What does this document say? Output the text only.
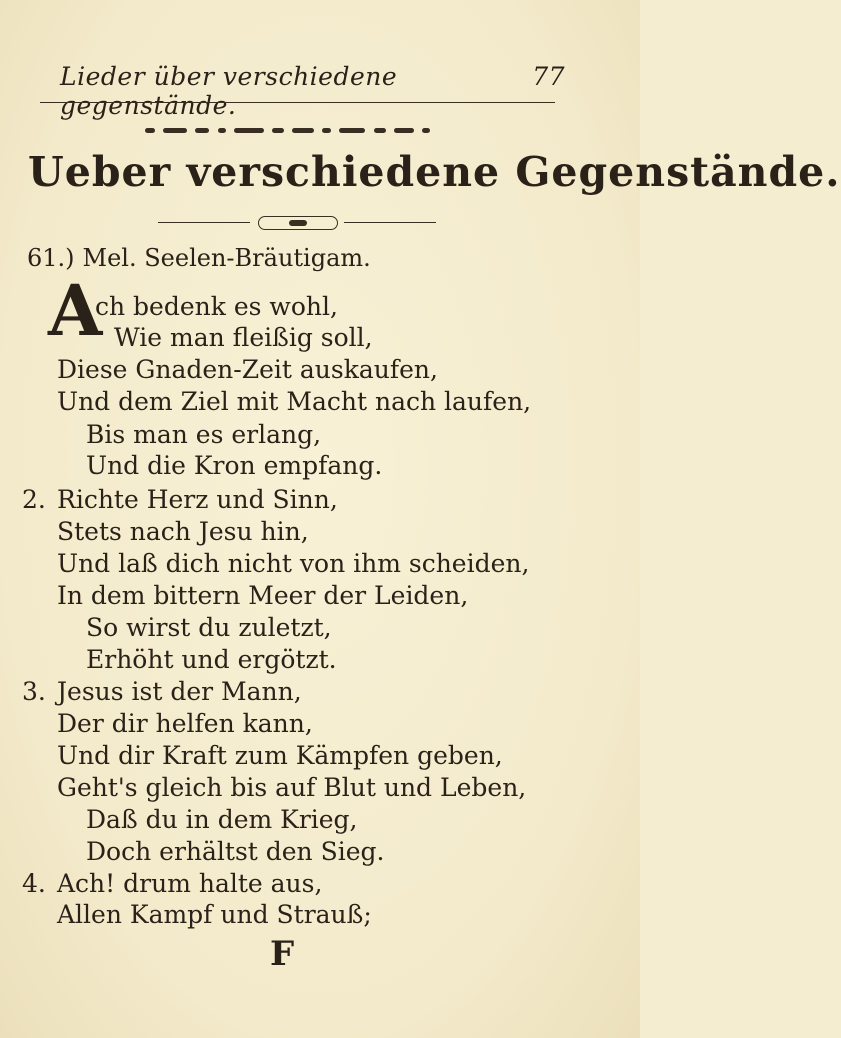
Lieder über verschiedene gegenstände.
77
Ueber verschiedene Gegenstände.
61.) Mel. Seelen-Bräutigam.
A
ch bedenk es wohl,
Wie man fleißig soll,
Diese Gnaden-Zeit auskaufen,
Und dem Ziel mit Macht nach laufen,
Bis man es erlang,
Und die Kron empfang.
2. Richte Herz und Sinn,
Stets nach Jesu hin,
Und laß dich nicht von ihm scheiden,
In dem bittern Meer der Leiden,
So wirst du zuletzt,
Erhöht und ergötzt.
3. Jesus ist der Mann,
Der dir helfen kann,
Und dir Kraft zum Kämpfen geben,
Geht's gleich bis auf Blut und Leben,
Daß du in dem Krieg,
Doch erhältst den Sieg.
4. Ach! drum halte aus,
Allen Kampf und Strauß;
F
